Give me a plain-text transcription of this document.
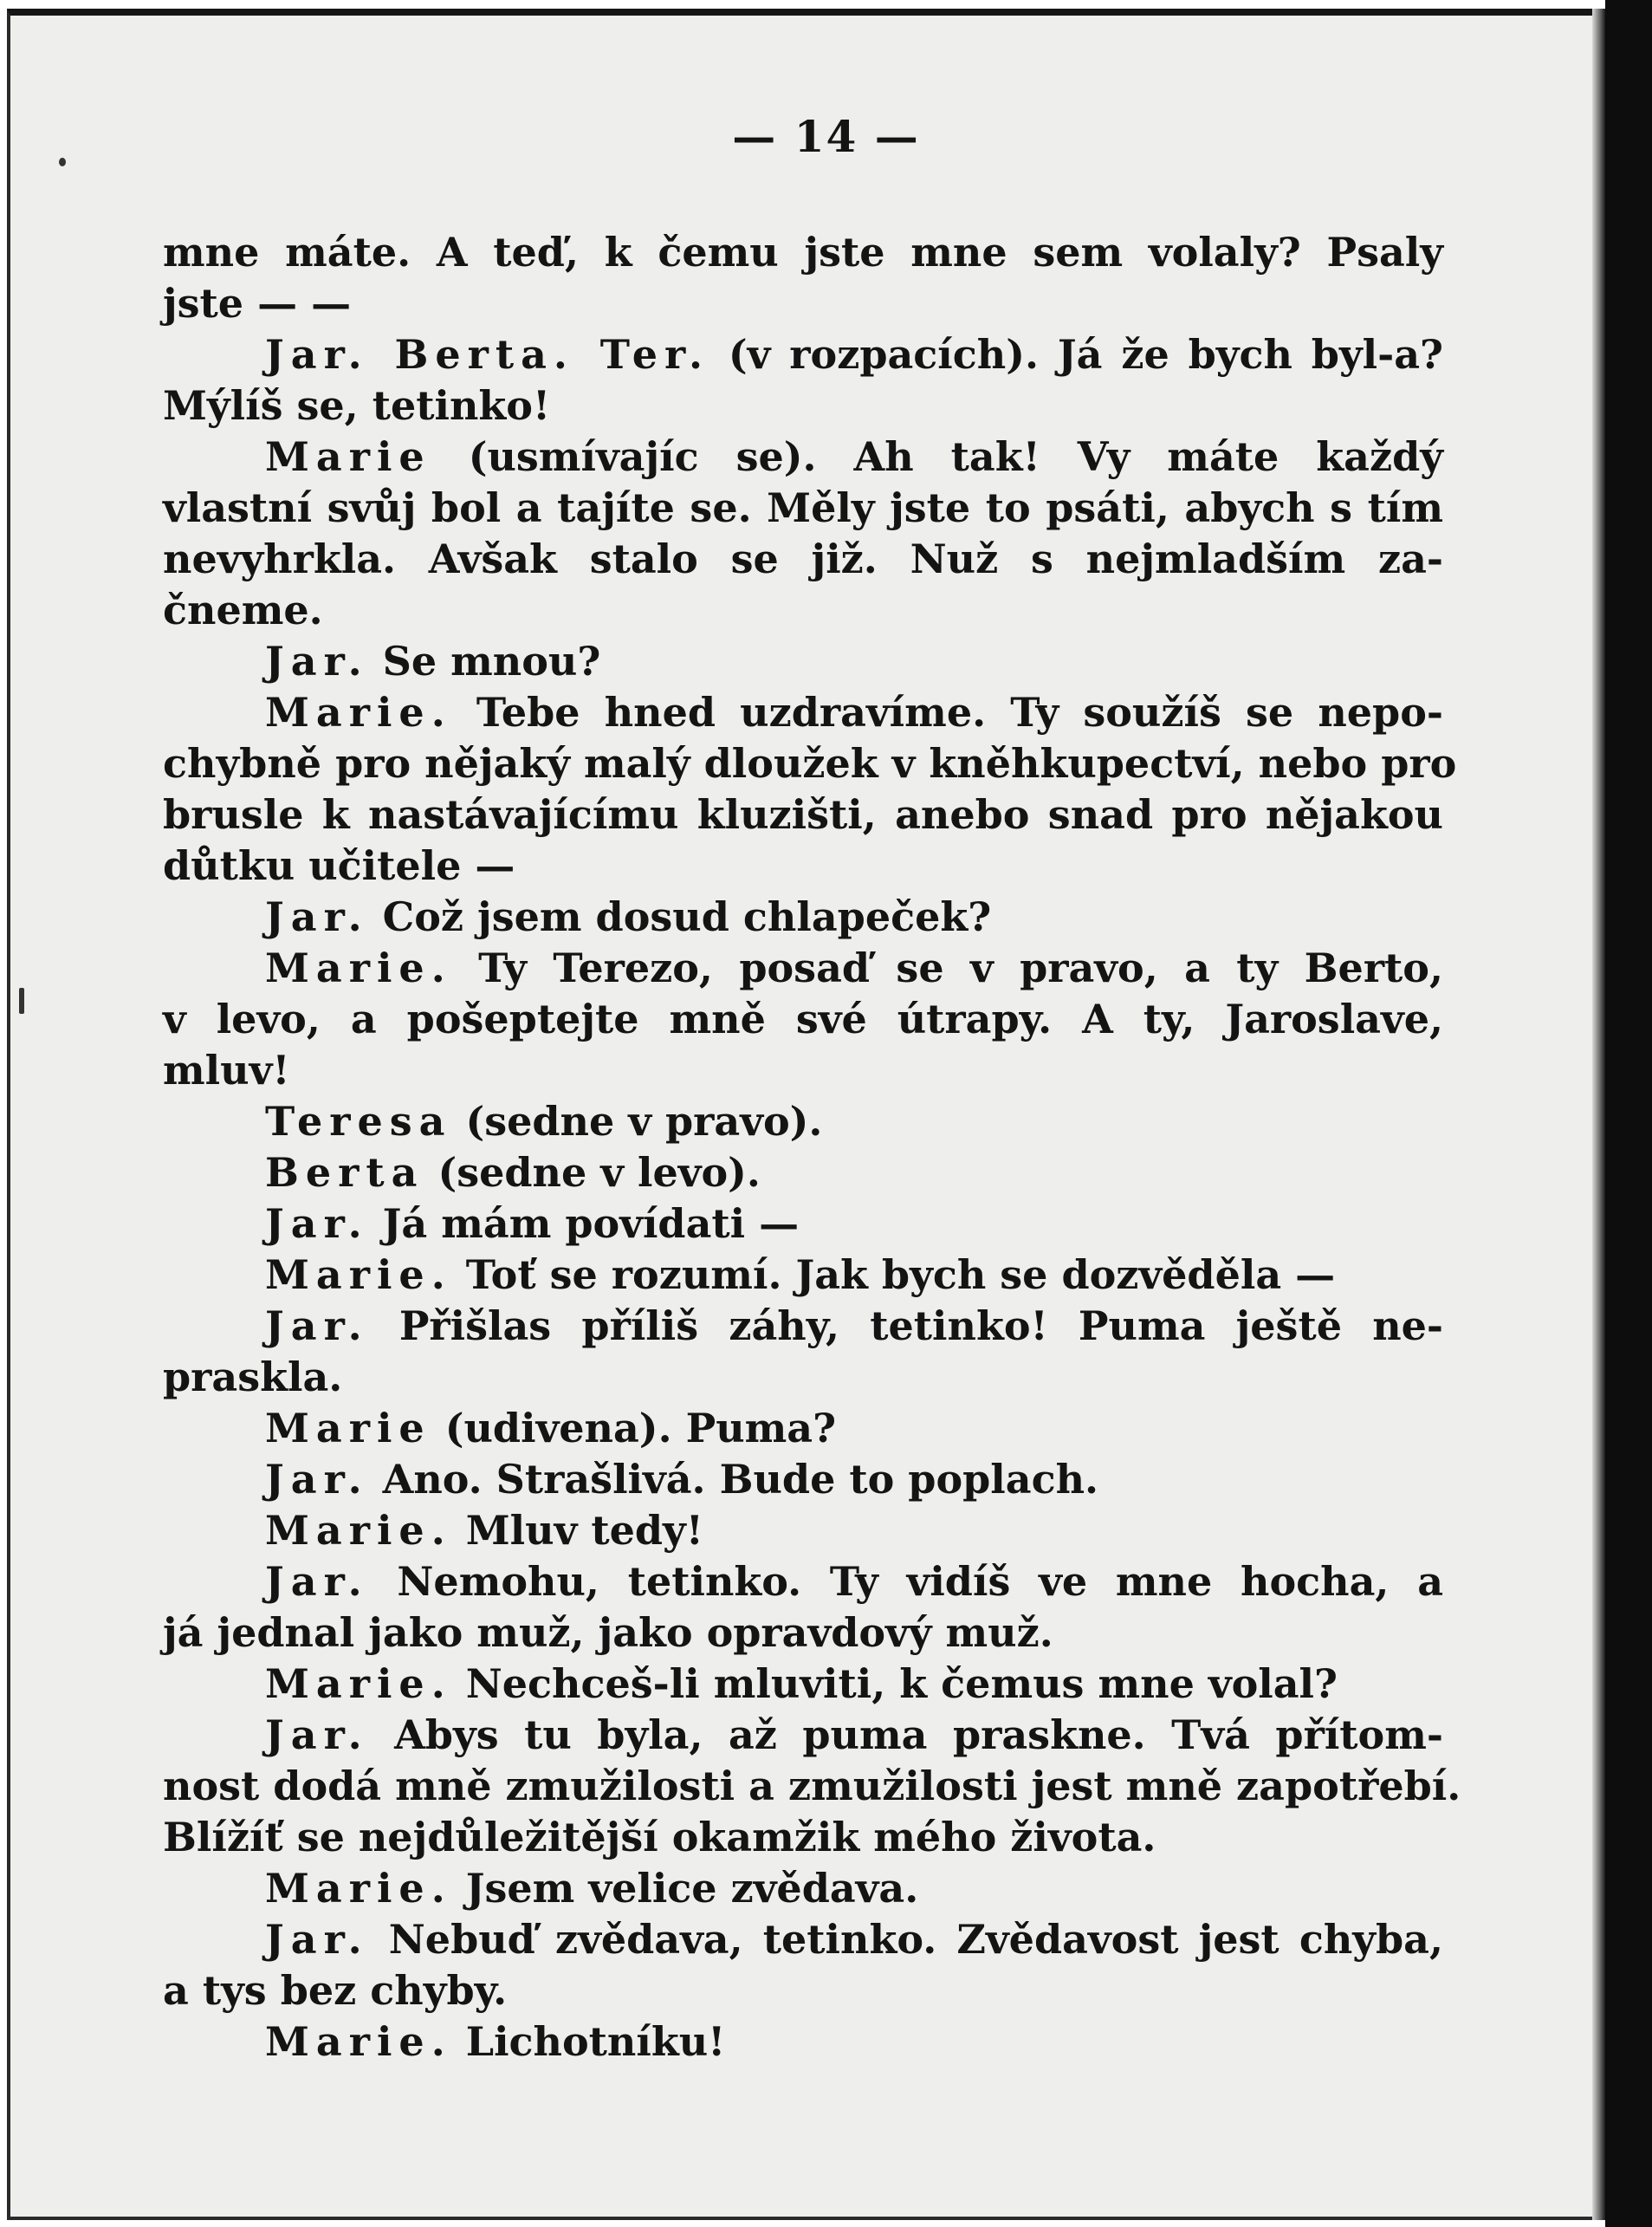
— 14 —
mne máte. A teď, k čemu jste mne sem volaly? Psaly
jste — —
Jar. Berta. Ter. (v rozpacích). Já že bych byl-a?
Mýlíš se, tetinko!
Marie (usmívajíc se). Ah tak! Vy máte každý
vlastní svůj bol a tajíte se. Měly jste to psáti, abych s tím
nevyhrkla. Avšak stalo se již. Nuž s nejmladším za-
čneme.
Jar. Se mnou?
Marie. Tebe hned uzdravíme. Ty soužíš se nepo-
chybně pro nějaký malý dloužek v kněhkupectví, nebo pro
brusle k nastávajícímu kluzišti, anebo snad pro nějakou
důtku učitele —
Jar. Což jsem dosud chlapeček?
Marie. Ty Terezo, posaď se v pravo, a ty Berto,
v levo, a pošeptejte mně své útrapy. A ty, Jaroslave,
mluv!
Teresa (sedne v pravo).
Berta (sedne v levo).
Jar. Já mám povídati —
Marie. Toť se rozumí. Jak bych se dozvěděla —
Jar. Přišlas příliš záhy, tetinko! Puma ještě ne-
praskla.
Marie (udivena). Puma?
Jar. Ano. Strašlivá. Bude to poplach.
Marie. Mluv tedy!
Jar. Nemohu, tetinko. Ty vidíš ve mne hocha, a
já jednal jako muž, jako opravdový muž.
Marie. Nechceš-li mluviti, k čemus mne volal?
Jar. Abys tu byla, až puma praskne. Tvá přítom-
nost dodá mně zmužilosti a zmužilosti jest mně zapotřebí.
Blížíť se nejdůležitější okamžik mého života.
Marie. Jsem velice zvědava.
Jar. Nebuď zvědava, tetinko. Zvědavost jest chyba,
a tys bez chyby.
Marie. Lichotníku!
